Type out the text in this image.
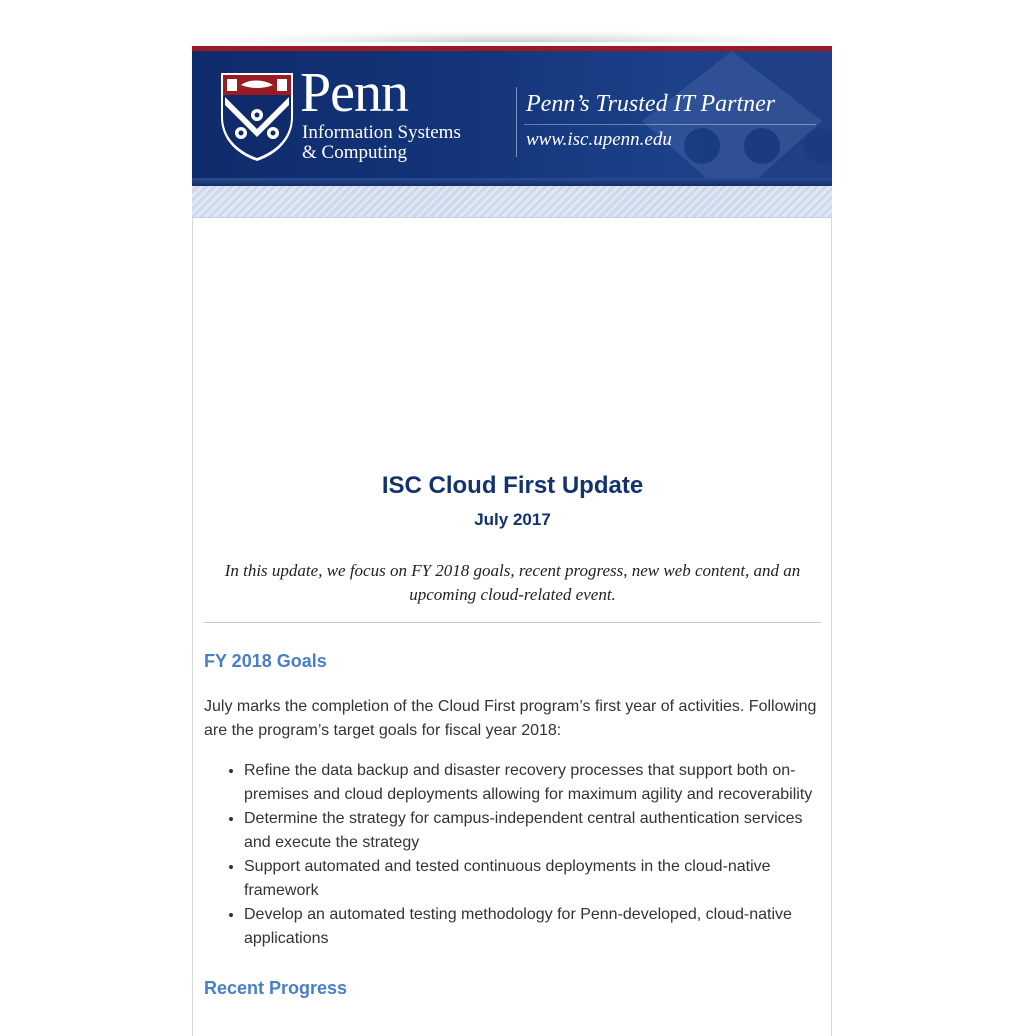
Penn
Information Systems
& Computing
Penn’s Trusted IT Partner
www.isc.upenn.edu
ISC Cloud First Update
July 2017

In this update, we focus on FY 2018 goals, recent progress, new web content, and an upcoming cloud-related event.

FY 2018 Goals

July marks the completion of the Cloud First program’s first year of activities. Following are the program’s target goals for fiscal year 2018:

• Refine the data backup and disaster recovery processes that support both on-premises and cloud deployments allowing for maximum agility and recoverability
• Determine the strategy for campus-independent central authentication services and execute the strategy
• Support automated and tested continuous deployments in the cloud-native framework
• Develop an automated testing methodology for Penn-developed, cloud-native applications
Recent Progress
